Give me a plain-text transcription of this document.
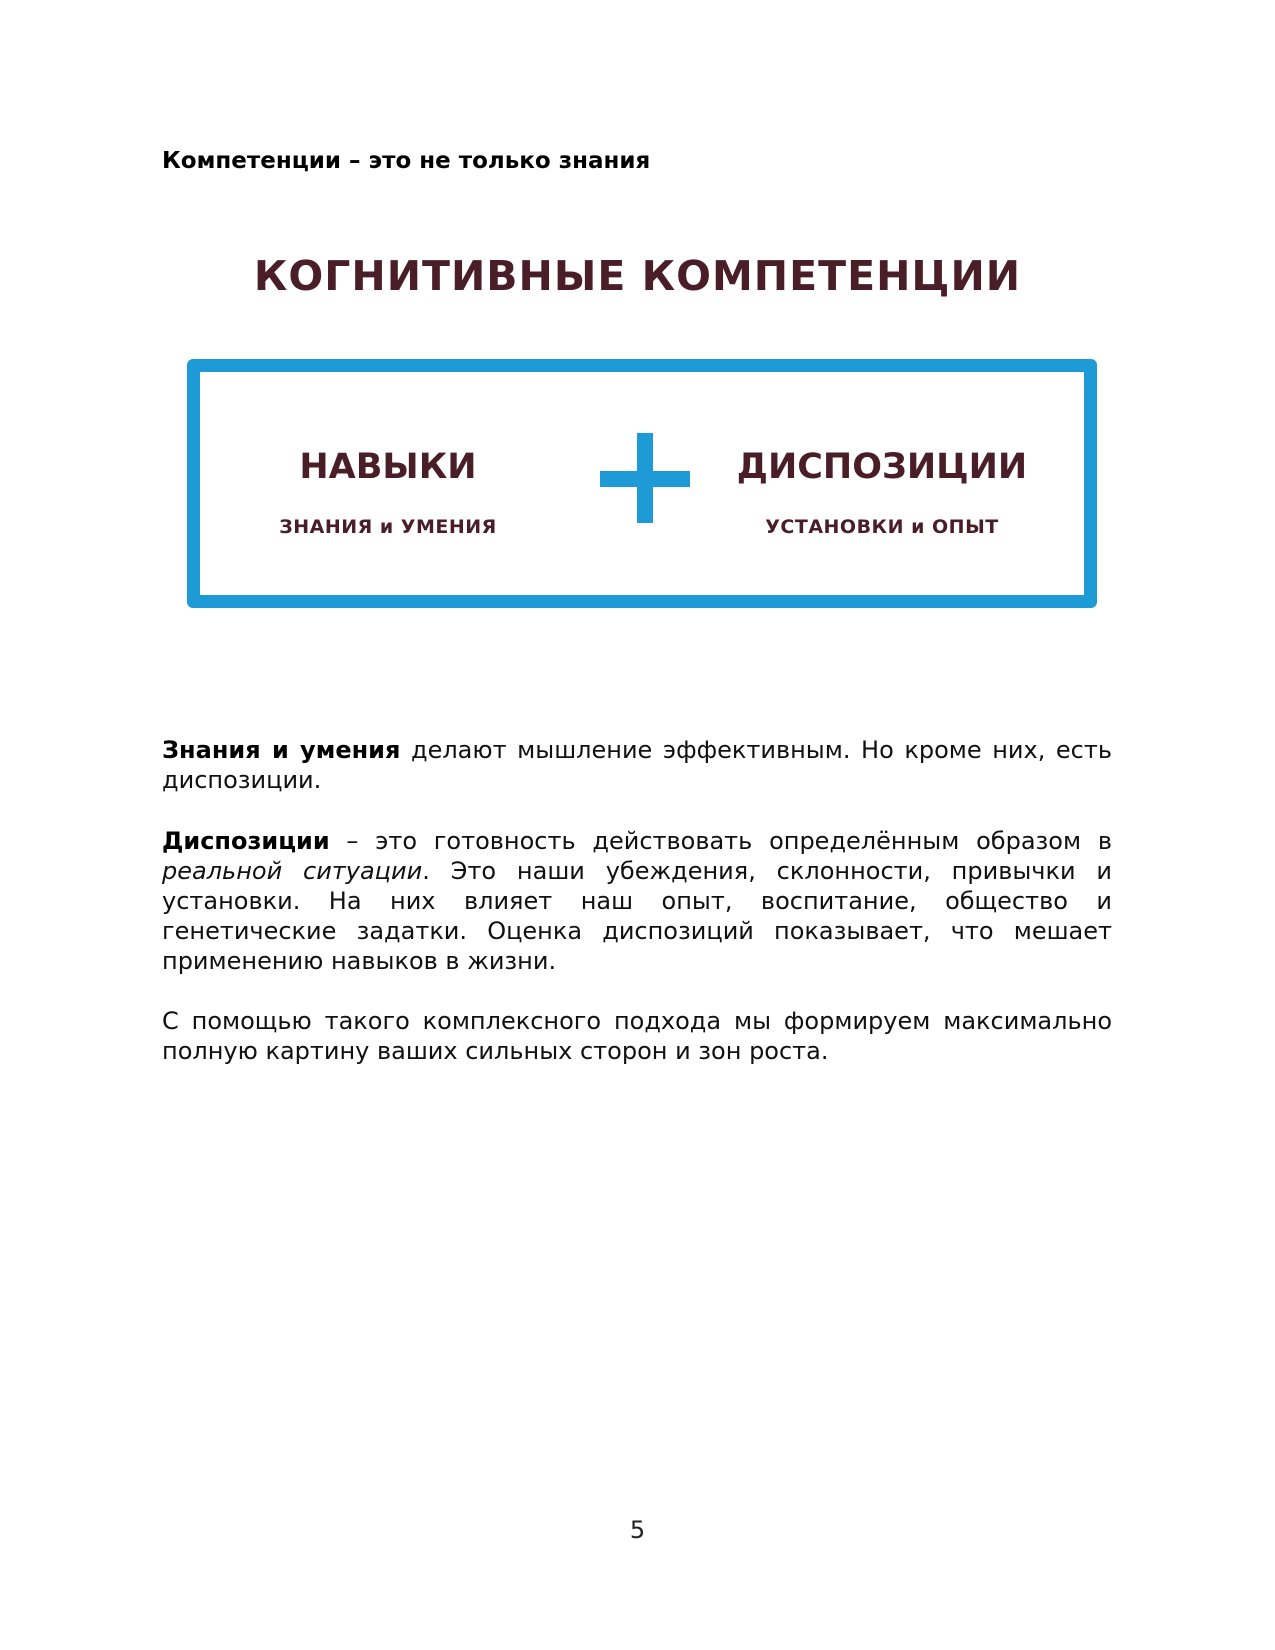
Компетенции – это не только знания
КОГНИТИВНЫЕ КОМПЕТЕНЦИИ
НАВЫКИ
ЗНАНИЯ и УМЕНИЯ
ДИСПОЗИЦИИ
УСТАНОВКИ и ОПЫТ

Знания и умения делают мышление эффективным. Но кроме них, есть диспозиции.

Диспозиции – это готовность действовать определённым образом в реальной ситуации. Это наши убеждения, склонности, привычки и установки. На них влияет наш опыт, воспитание, общество и генетические задатки. Оценка диспозиций показывает, что мешает применению навыков в жизни.

С помощью такого комплексного подхода мы формируем максимально полную картину ваших сильных сторон и зон роста.

5
